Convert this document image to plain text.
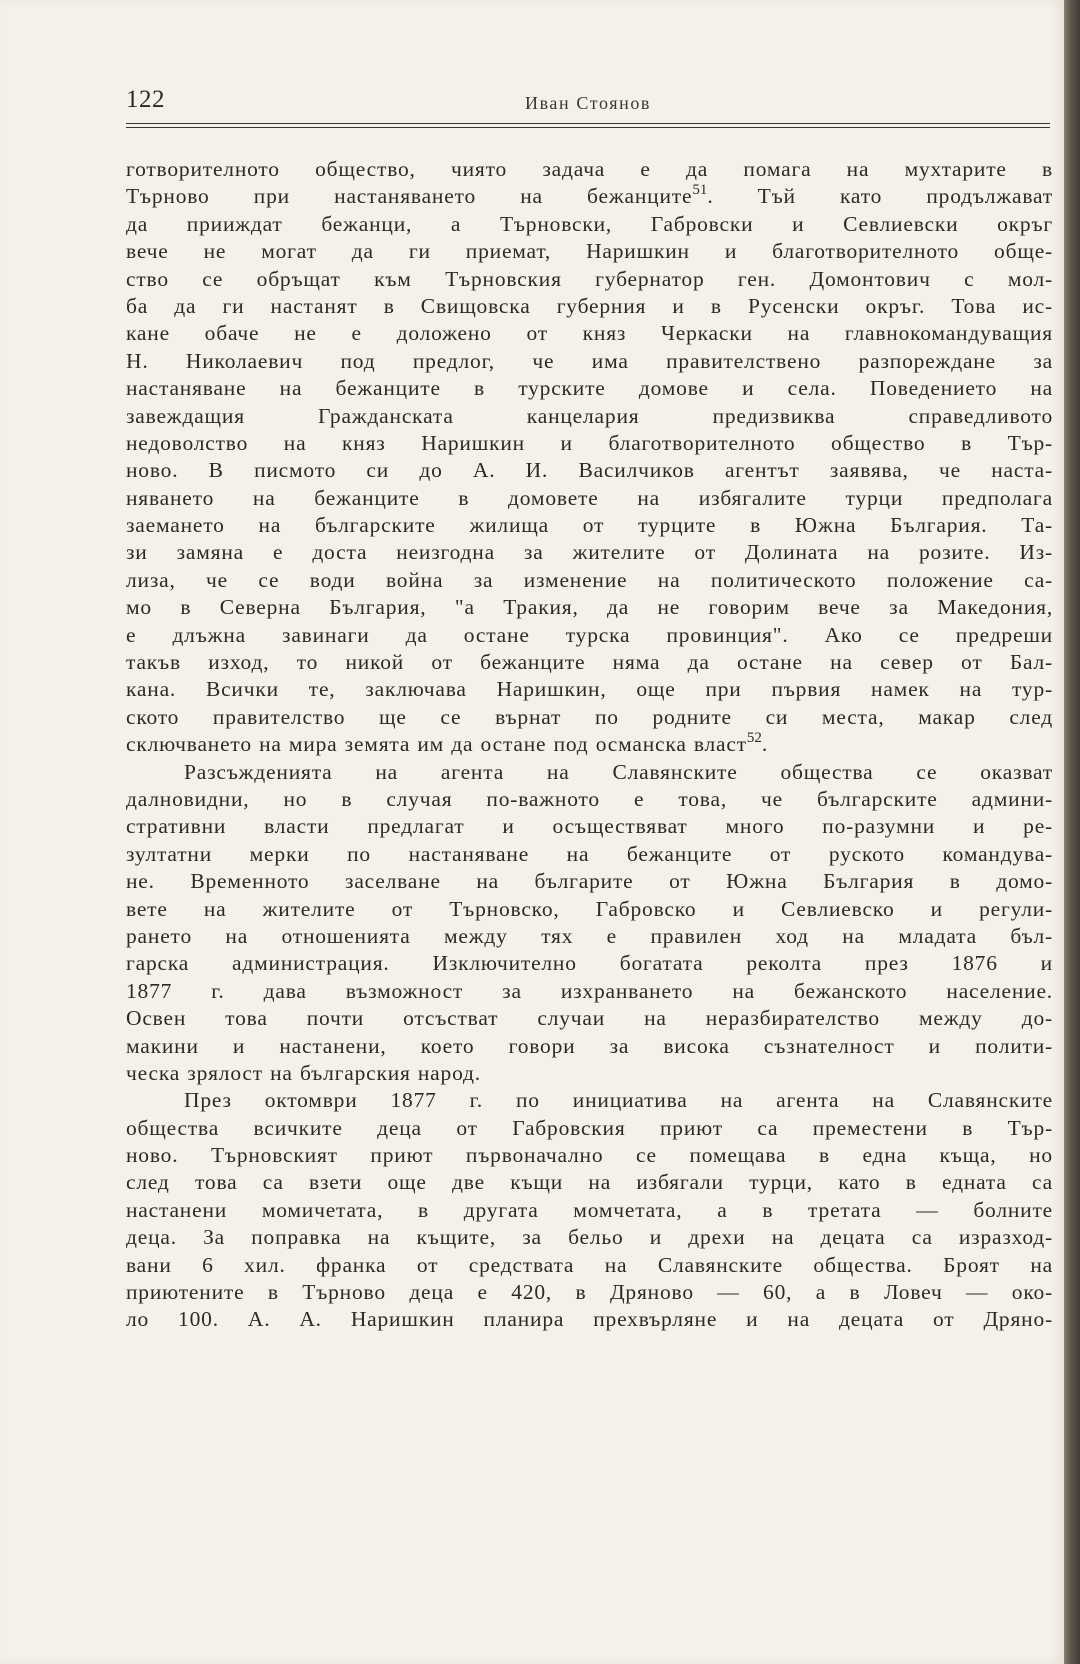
122	Иван Стоянов
готворителното общество, чиято задача е да помага на мухтарите в
Търново при настаняването на бежанците$^{51}$. Тъй като продължават
да прииждат бежанци, а Търновски, Габровски и Севлиевски окръг
вече не могат да ги приемат, Наришкин и благотворителното обще-
ство се обръщат към Търновския губернатор ген. Домонтович с мол-
ба да ги настанят в Свищовска губерния и в Русенски окръг. Това ис-
кане обаче не е доложено от княз Черкаски на главнокомандуващия
Н. Николаевич под предлог, че има правителствено разпореждане за
настаняване на бежанците в турските домове и села. Поведението на
завеждащия Гражданската канцелария предизвиква справедливото
недоволство на княз Наришкин и благотворителното общество в Тър-
ново. В писмото си до А. И. Василчиков агентът заявява, че наста-
няването на бежанците в домовете на избягалите турци предполага
заемането на българските жилища от турците в Южна България. Та-
зи замяна е доста неизгодна за жителите от Долината на розите. Из-
лиза, че се води война за изменение на политическото положение са-
мо в Северна България, "а Тракия, да не говорим вече за Македония,
е длъжна завинаги да остане турска провинция". Ако се предреши
такъв изход, то никой от бежанците няма да остане на север от Бал-
кана. Всички те, заключава Наришкин, още при първия намек на тур-
ското правителство ще се върнат по родните си места, макар след
сключването на мира земята им да остане под османска власт$^{52}$.
Разсъжденията на агента на Славянските общества се оказват
далновидни, но в случая по-важното е това, че българските админи-
стративни власти предлагат и осъществяват много по-разумни и ре-
зултатни мерки по настаняване на бежанците от руското командува-
не. Временното заселване на българите от Южна България в домо-
вете на жителите от Търновско, Габровско и Севлиевско и регули-
рането на отношенията между тях е правилен ход на младата бъл-
гарска администрация. Изключително богатата реколта през 1876 и
1877 г. дава възможност за изхранването на бежанското население.
Освен това почти отсъстват случаи на неразбирателство между до-
макини и настанени, което говори за висока съзнателност и полити-
ческа зрялост на българския народ.
През октомври 1877 г. по инициатива на агента на Славянските
общества всичките деца от Габровския приют са преместени в Тър-
ново. Търновският приют първоначално се помещава в една къща, но
след това са взети още две къщи на избягали турци, като в едната са
настанени момичетата, в другата момчетата, а в третата — болните
деца. За поправка на къщите, за бельо и дрехи на децата са изразход-
вани 6 хил. франка от средствата на Славянските общества. Броят на
приютените в Търново деца е 420, в Дряново — 60, а в Ловеч — око-
ло 100. А. А. Наришкин планира прехвърляне и на децата от Дряно-
